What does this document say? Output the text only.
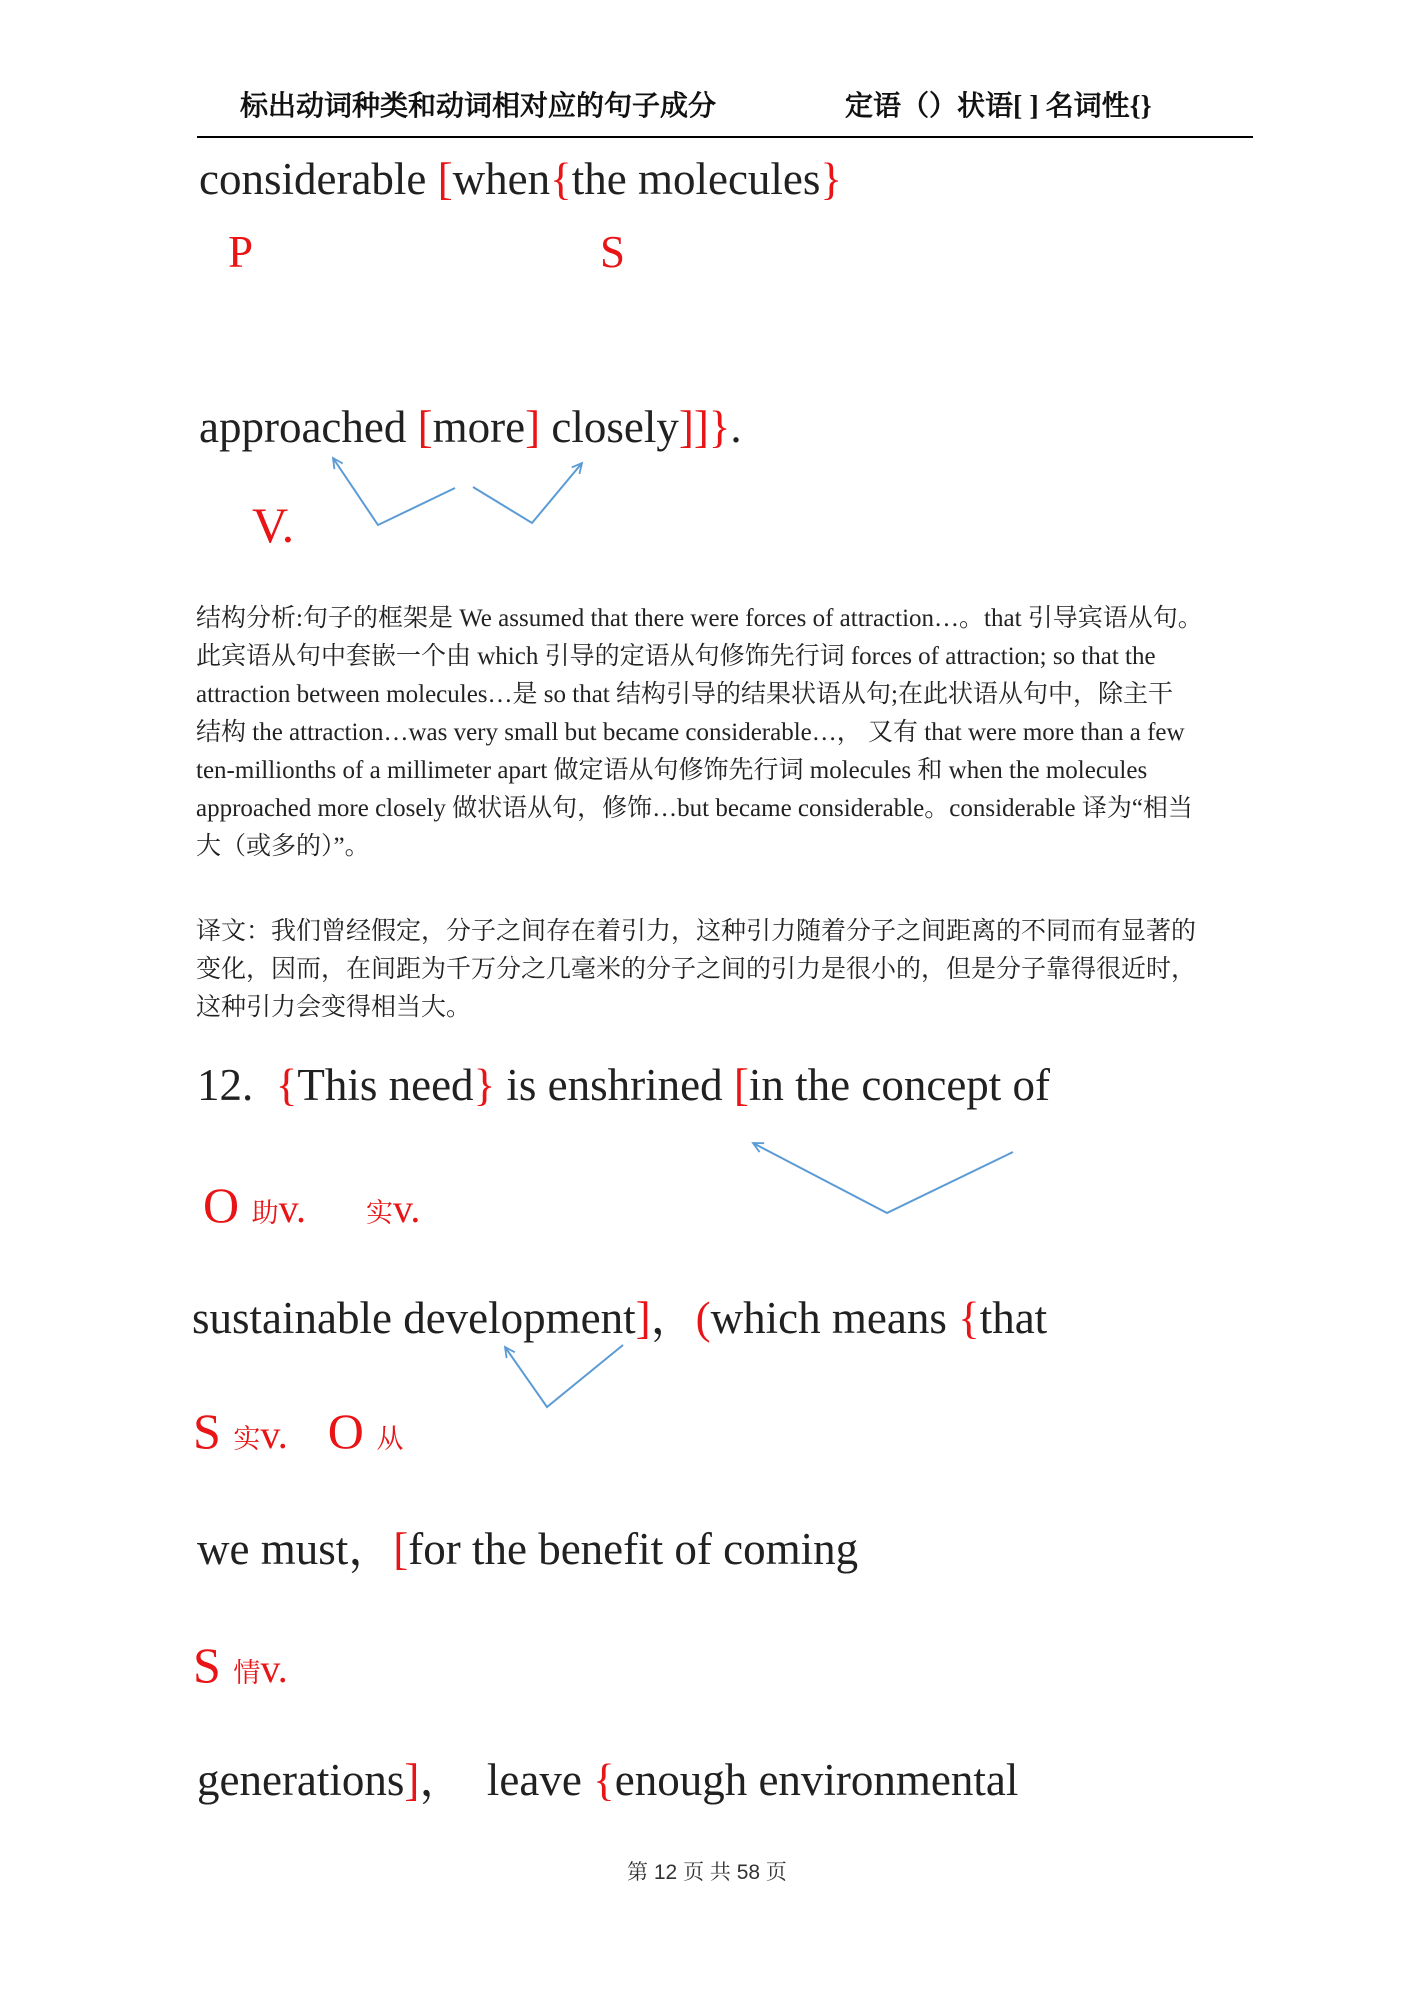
标出动词种类和动词相对应的句子成分	定语（）状语[ ] 名词性{}
considerable [when{the molecules}
P	S
approached [more] closely]]}.
V.
结构分析:句子的框架是 We assumed that there were forces of attraction…。that 引导宾语从句。
此宾语从句中套嵌一个由 which 引导的定语从句修饰先行词 forces of attraction; so that the
attraction between molecules…是 so that 结构引导的结果状语从句;在此状语从句中，除主干
结构 the attraction…was very small but became considerable…， 又有 that were more than a few
ten-millionths of a millimeter apart 做定语从句修饰先行词 molecules 和 when the molecules
approached more closely 做状语从句，修饰…but became considerable。considerable 译为“相当
大（或多的）”。
译文：我们曾经假定，分子之间存在着引力，这种引力随着分子之间距离的不同而有显著的
变化，因而，在间距为千万分之几毫米的分子之间的引力是很小的，但是分子靠得很近时，
这种引力会变得相当大。
12.  {This need} is enshrined [in the concept of
O 助v. 实v.
sustainable development]，(which means {that
S 实v. O 从
we must，[for the benefit of coming
S 情v.
generations]，  leave {enough environmental
第 12 页 共 58 页
